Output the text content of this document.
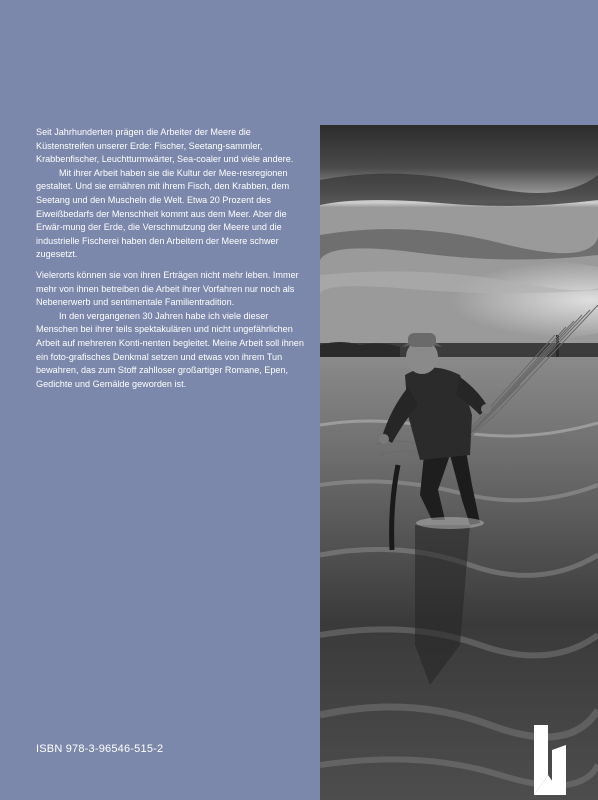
Seit Jahrhunderten prägen die Arbeiter der Meere die Küstenstreifen unserer Erde: Fischer, Seetang-sammler, Krabbenfischer, Leuchtturmwärter, Sea-coaler und viele andere.

Mit ihrer Arbeit haben sie die Kultur der Mee-resregionen gestaltet. Und sie ernähren mit ihrem Fisch, den Krabben, dem Seetang und den Muscheln die Welt. Etwa 20 Prozent des Eiweißbedarfs der Menschheit kommt aus dem Meer. Aber die Erwär-mung der Erde, die Verschmutzung der Meere und die industrielle Fischerei haben den Arbeitern der Meere schwer zugesetzt.

Vielerorts können sie von ihren Erträgen nicht mehr leben. Immer mehr von ihnen betreiben die Arbeit ihrer Vorfahren nur noch als Nebenerwerb und sentimentale Familientradition.

In den vergangenen 30 Jahren habe ich viele dieser Menschen bei ihrer teils spektakulären und nicht ungefährlichen Arbeit auf mehreren Konti-nenten begleitet. Meine Arbeit soll ihnen ein foto-grafisches Denkmal setzen und etwas von ihrem Tun bewahren, das zum Stoff zahlloser großartiger Romane, Epen, Gedichte und Gemälde geworden ist.

ISBN 978-3-96546-515-2
